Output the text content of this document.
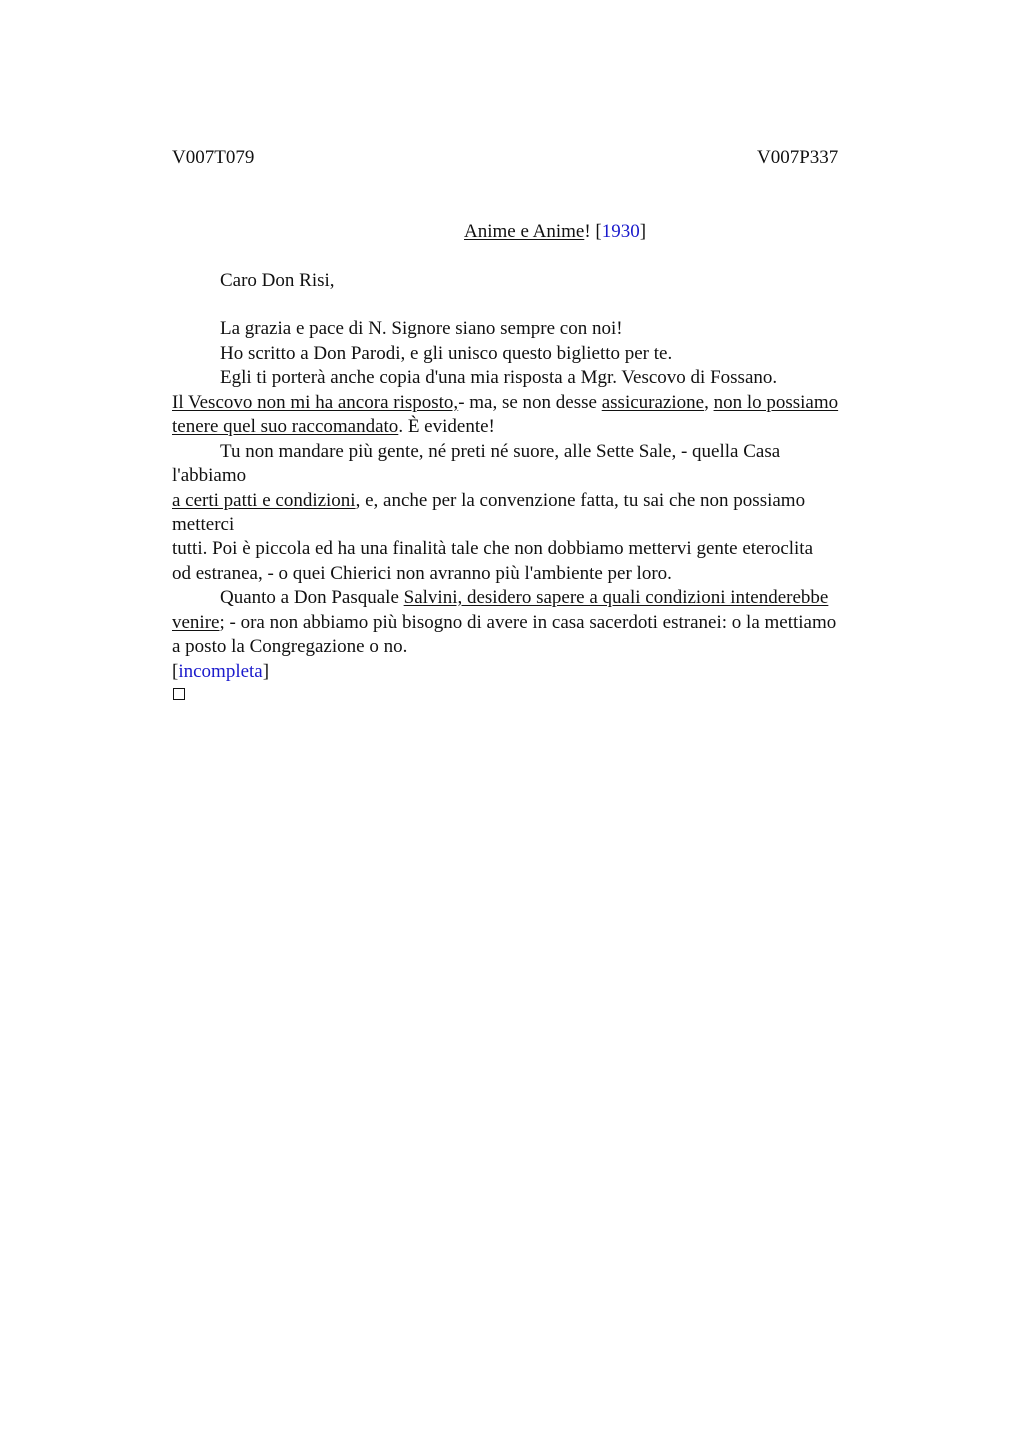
V007T079	V007P337
Anime e Anime! [1930]
Caro Don Risi,
La grazia e pace di N. Signore siano sempre con noi!
Ho scritto a Don Parodi, e gli unisco questo biglietto per te.
Egli ti porterà anche copia d'una mia risposta a Mgr. Vescovo di Fossano.
Il Vescovo non mi ha ancora risposto,- ma, se non desse assicurazione, non lo possiamo
tenere quel suo raccomandato. È evidente!
Tu non mandare più gente, né preti né suore, alle Sette Sale, - quella Casa
l'abbiamo
a certi patti e condizioni, e, anche per la convenzione fatta, tu sai che non possiamo
metterci
tutti. Poi è piccola ed ha una finalità tale che non dobbiamo mettervi gente eteroclita
od estranea, - o quei Chierici non avranno più l'ambiente per loro.
Quanto a Don Pasquale Salvini, desidero sapere a quali condizioni intenderebbe
venire; - ora non abbiamo più bisogno di avere in casa sacerdoti estranei: o la mettiamo
a posto la Congregazione o no.
[incompleta]
